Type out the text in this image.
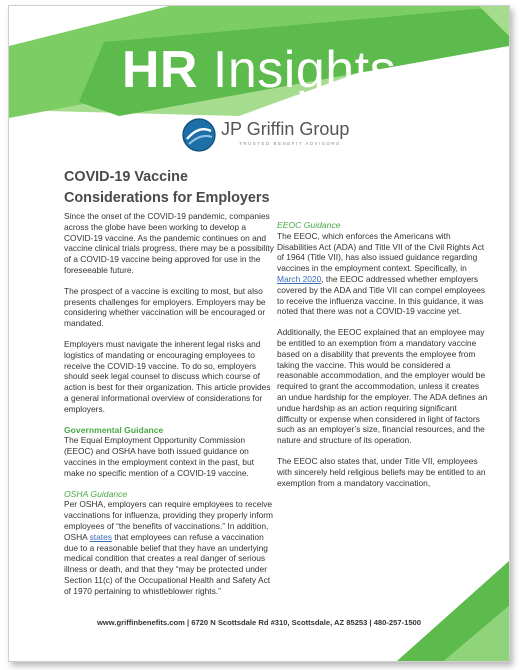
HR Insights
JP Griffin Group
TRUSTED BENEFIT ADVISORS
COVID-19 Vaccine Considerations for Employers

Since the onset of the COVID-19 pandemic, companies across the globe have been working to develop a COVID-19 vaccine. As the pandemic continues on and vaccine clinical trials progress, there may be a possibility of a COVID-19 vaccine being approved for use in the foreseeable future.

The prospect of a vaccine is exciting to most, but also presents challenges for employers. Employers may be considering whether vaccination will be encouraged or mandated.

Employers must navigate the inherent legal risks and logistics of mandating or encouraging employees to receive the COVID-19 vaccine. To do so, employers should seek legal counsel to discuss which course of action is best for their organization. This article provides a general informational overview of considerations for employers.

Governmental Guidance

The Equal Employment Opportunity Commission (EEOC) and OSHA have both issued guidance on vaccines in the employment context in the past, but make no specific mention of a COVID-19 vaccine.

OSHA Guidance

Per OSHA, employers can require employees to receive vaccinations for influenza, providing they properly inform employees of “the benefits of vaccinations.” In addition, OSHA states that employees can refuse a vaccination due to a reasonable belief that they have an underlying medical condition that creates a real danger of serious illness or death, and that they “may be protected under Section 11(c) of the Occupational Health and Safety Act of 1970 pertaining to whistleblower rights.”

EEOC Guidance

The EEOC, which enforces the Americans with Disabilities Act (ADA) and Title VII of the Civil Rights Act of 1964 (Title VII), has also issued guidance regarding vaccines in the employment context. Specifically, in March 2020, the EEOC addressed whether employers covered by the ADA and Title VII can compel employees to receive the influenza vaccine. In this guidance, it was noted that there was not a COVID-19 vaccine yet.

Additionally, the EEOC explained that an employee may be entitled to an exemption from a mandatory vaccine based on a disability that prevents the employee from taking the vaccine. This would be considered a reasonable accommodation, and the employer would be required to grant the accommodation, unless it creates an undue hardship for the employer. The ADA defines an undue hardship as an action requiring significant difficulty or expense when considered in light of factors such as an employer’s size, financial resources, and the nature and structure of its operation.

The EEOC also states that, under Title VII, employees with sincerely held religious beliefs may be entitled to an exemption from a mandatory vaccination,

www.griffinbenefits.com | 6720 N Scottsdale Rd #310, Scottsdale, AZ 85253 | 480-257-1500
